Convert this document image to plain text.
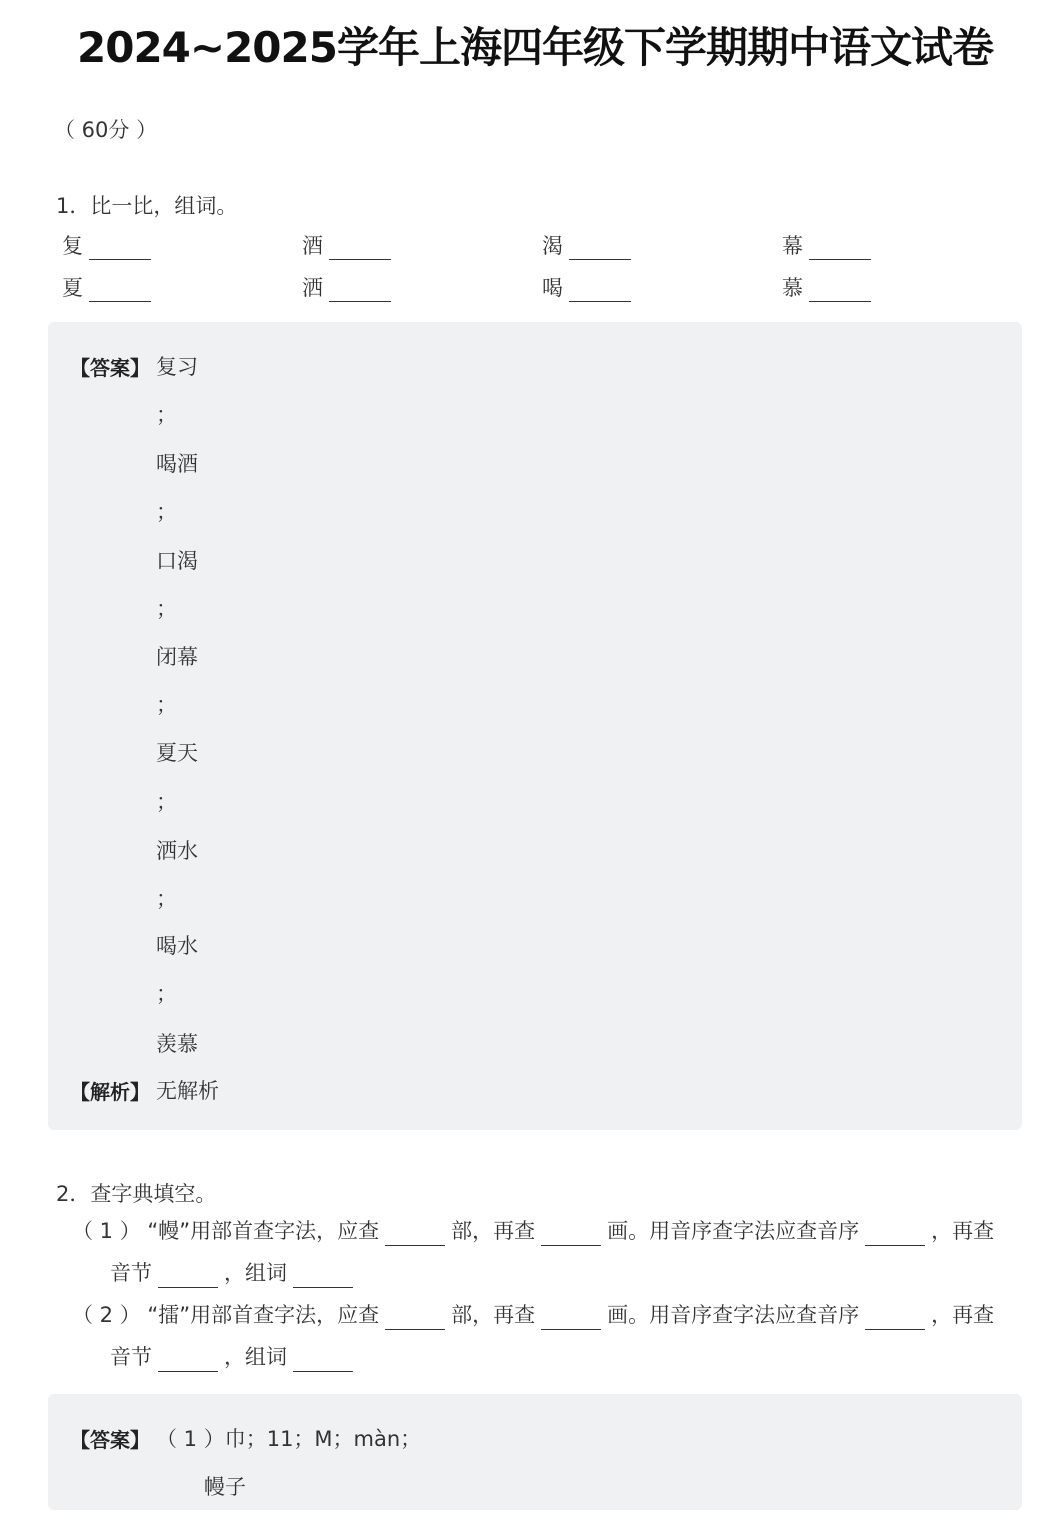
2024~2025学年上海四年级下学期期中语文试卷
（ 60分 ）
1．比一比，组词。
复	酒	渴	幕
夏	洒	喝	慕
【答案】 复习
；
喝酒
；
口渴
；
闭幕
；
夏天
；
洒水
；
喝水
；
羡慕
【解析】 无解析
2．查字典填空。
（ 1 ） “幔”用部首查字法，应查	部，再查	画。用音序查字法应查音序	，再查
音节	，组词
（ 2 ） “擂”用部首查字法，应查	部，再查	画。用音序查字法应查音序	，再查
音节	，组词
【答案】 （ 1 ）巾；11；M；màn；
幔子
